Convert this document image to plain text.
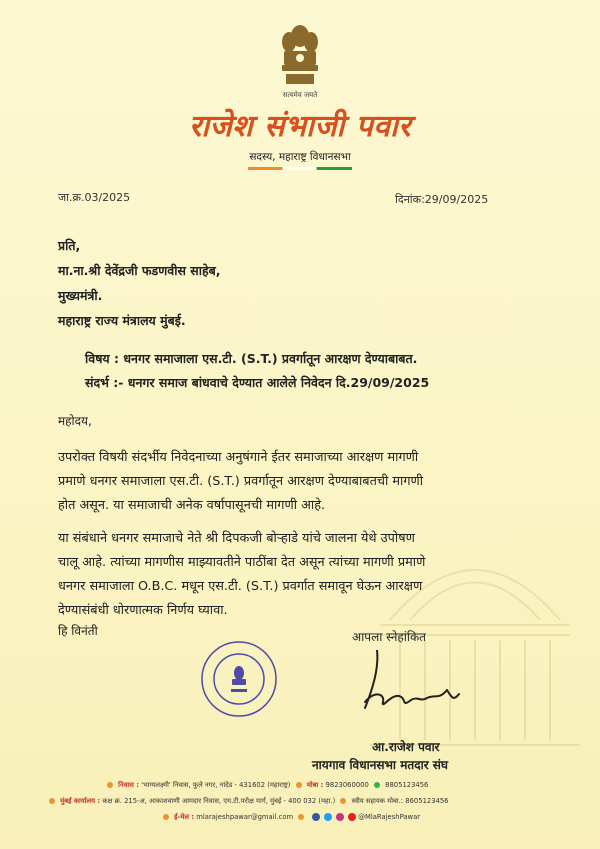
सत्यमेव जयते
राजेश संभाजी पवार
सदस्य, महाराष्ट्र विधानसभा
जा.क्र.03/2025	दिनांक:29/09/2025
प्रति,
मा.ना.श्री देवेंद्रजी फडणवीस साहेब,
मुख्यमंत्री.
महाराष्ट्र राज्य मंत्रालय मुंबई.
विषय : धनगर समाजाला एस.टी. (S.T.) प्रवर्गातून आरक्षण देण्याबाबत.
संदर्भ :- धनगर समाज बांधवाचे देण्यात आलेले निवेदन दि.29/09/2025
महोदय,
उपरोक्त विषयी संदर्भीय निवेदनाच्या अनुषंगाने ईतर समाजाच्या आरक्षण मागणी
प्रमाणे धनगर समाजाला एस.टी. (S.T.) प्रवर्गातून आरक्षण देण्याबाबतची मागणी
होत असून. या समाजाची अनेक वर्षापासूनची मागणी आहे.
या संबंधाने धनगर समाजाचे नेते श्री दिपकजी बोऱ्हाडे यांचे जालना येथे उपोषण
चालू आहे. त्यांच्या मागणीस माझ्यावतीने पाठींबा देत असून त्यांच्या मागणी प्रमाणे
धनगर समाजाला O.B.C. मधून एस.टी. (S.T.) प्रवर्गात समावून घेऊन आरक्षण
देण्यासंबंधी धोरणात्मक निर्णय घ्यावा.
हि विनंती	आपला स्नेहांकित
आ.राजेश पवार
नायगाव विधानसभा मतदार संघ
निवास : 'भाग्यलक्ष्मी' निवास, फुले नगर, नांदेड - 431602 (महाराष्ट्र) मोबा : 9823060000 8805123456
मुंबई कार्यालय : कक्ष क्र. 215-अ, आकाशवाणी आमदार निवास, एम.टी.परोक्ष मार्ग, मुंबई - 400 032 (महा.) स्वीय सहायक मोबा.: 8605123456
ई-मेल : mlarajeshpawar@gmail.com	@MlaRajeshPawar
